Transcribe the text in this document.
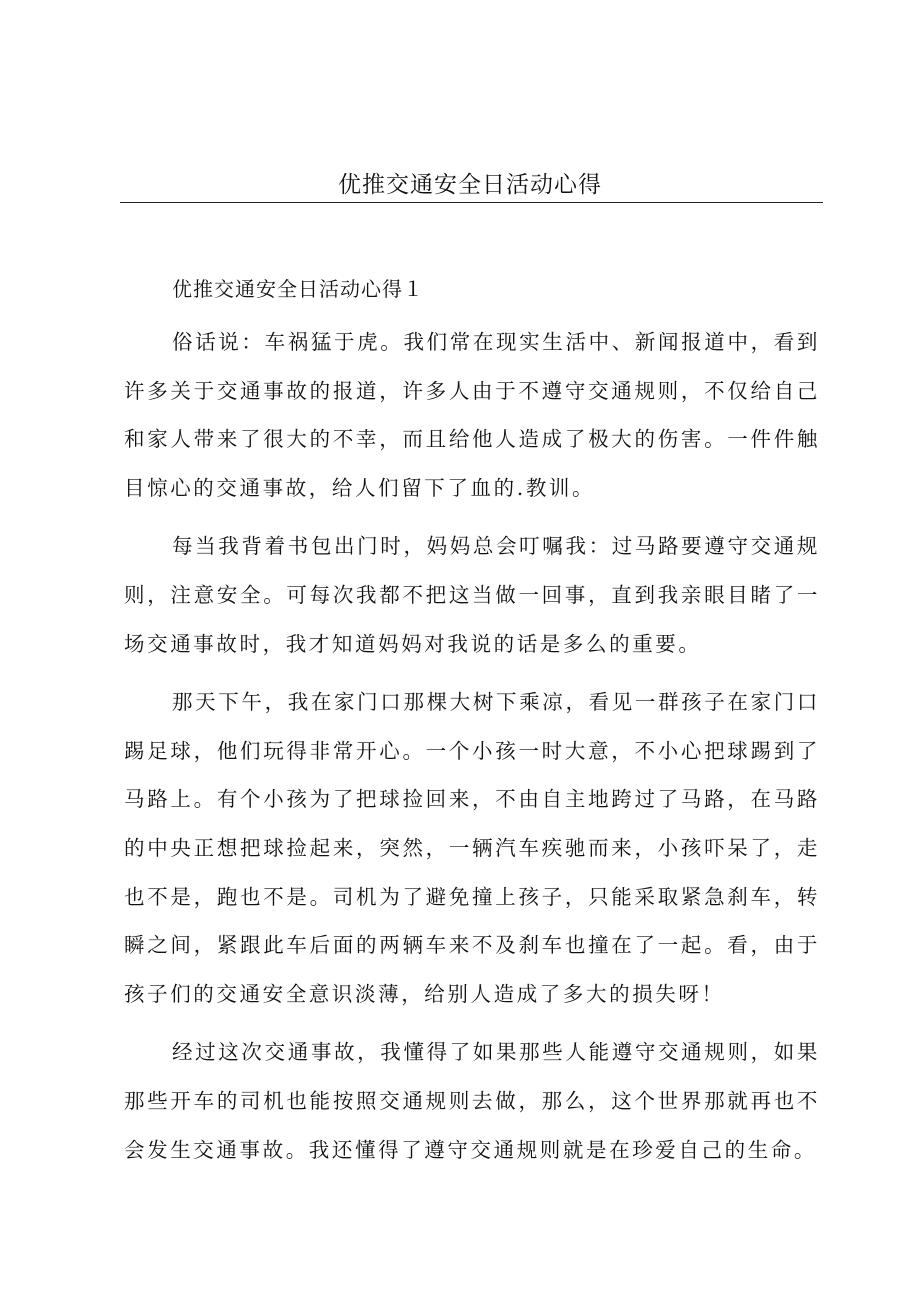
优推交通安全日活动心得

优推交通安全日活动心得１

俗话说：车祸猛于虎。我们常在现实生活中、新闻报道中，看到许多关于交通事故的报道，许多人由于不遵守交通规则，不仅给自己和家人带来了很大的不幸，而且给他人造成了极大的伤害。一件件触目惊心的交通事故，给人们留下了血的.教训。

每当我背着书包出门时，妈妈总会叮嘱我：过马路要遵守交通规则，注意安全。可每次我都不把这当做一回事，直到我亲眼目睹了一场交通事故时，我才知道妈妈对我说的话是多么的重要。

那天下午，我在家门口那棵大树下乘凉，看见一群孩子在家门口踢足球，他们玩得非常开心。一个小孩一时大意，不小心把球踢到了马路上。有个小孩为了把球捡回来，不由自主地跨过了马路，在马路的中央正想把球捡起来，突然，一辆汽车疾驰而来，小孩吓呆了，走也不是，跑也不是。司机为了避免撞上孩子，只能采取紧急刹车，转瞬之间，紧跟此车后面的两辆车来不及刹车也撞在了一起。看，由于孩子们的交通安全意识淡薄，给别人造成了多大的损失呀！

经过这次交通事故，我懂得了如果那些人能遵守交通规则，如果那些开车的司机也能按照交通规则去做，那么，这个世界那就再也不会发生交通事故。我还懂得了遵守交通规则就是在珍爱自己的生命。
